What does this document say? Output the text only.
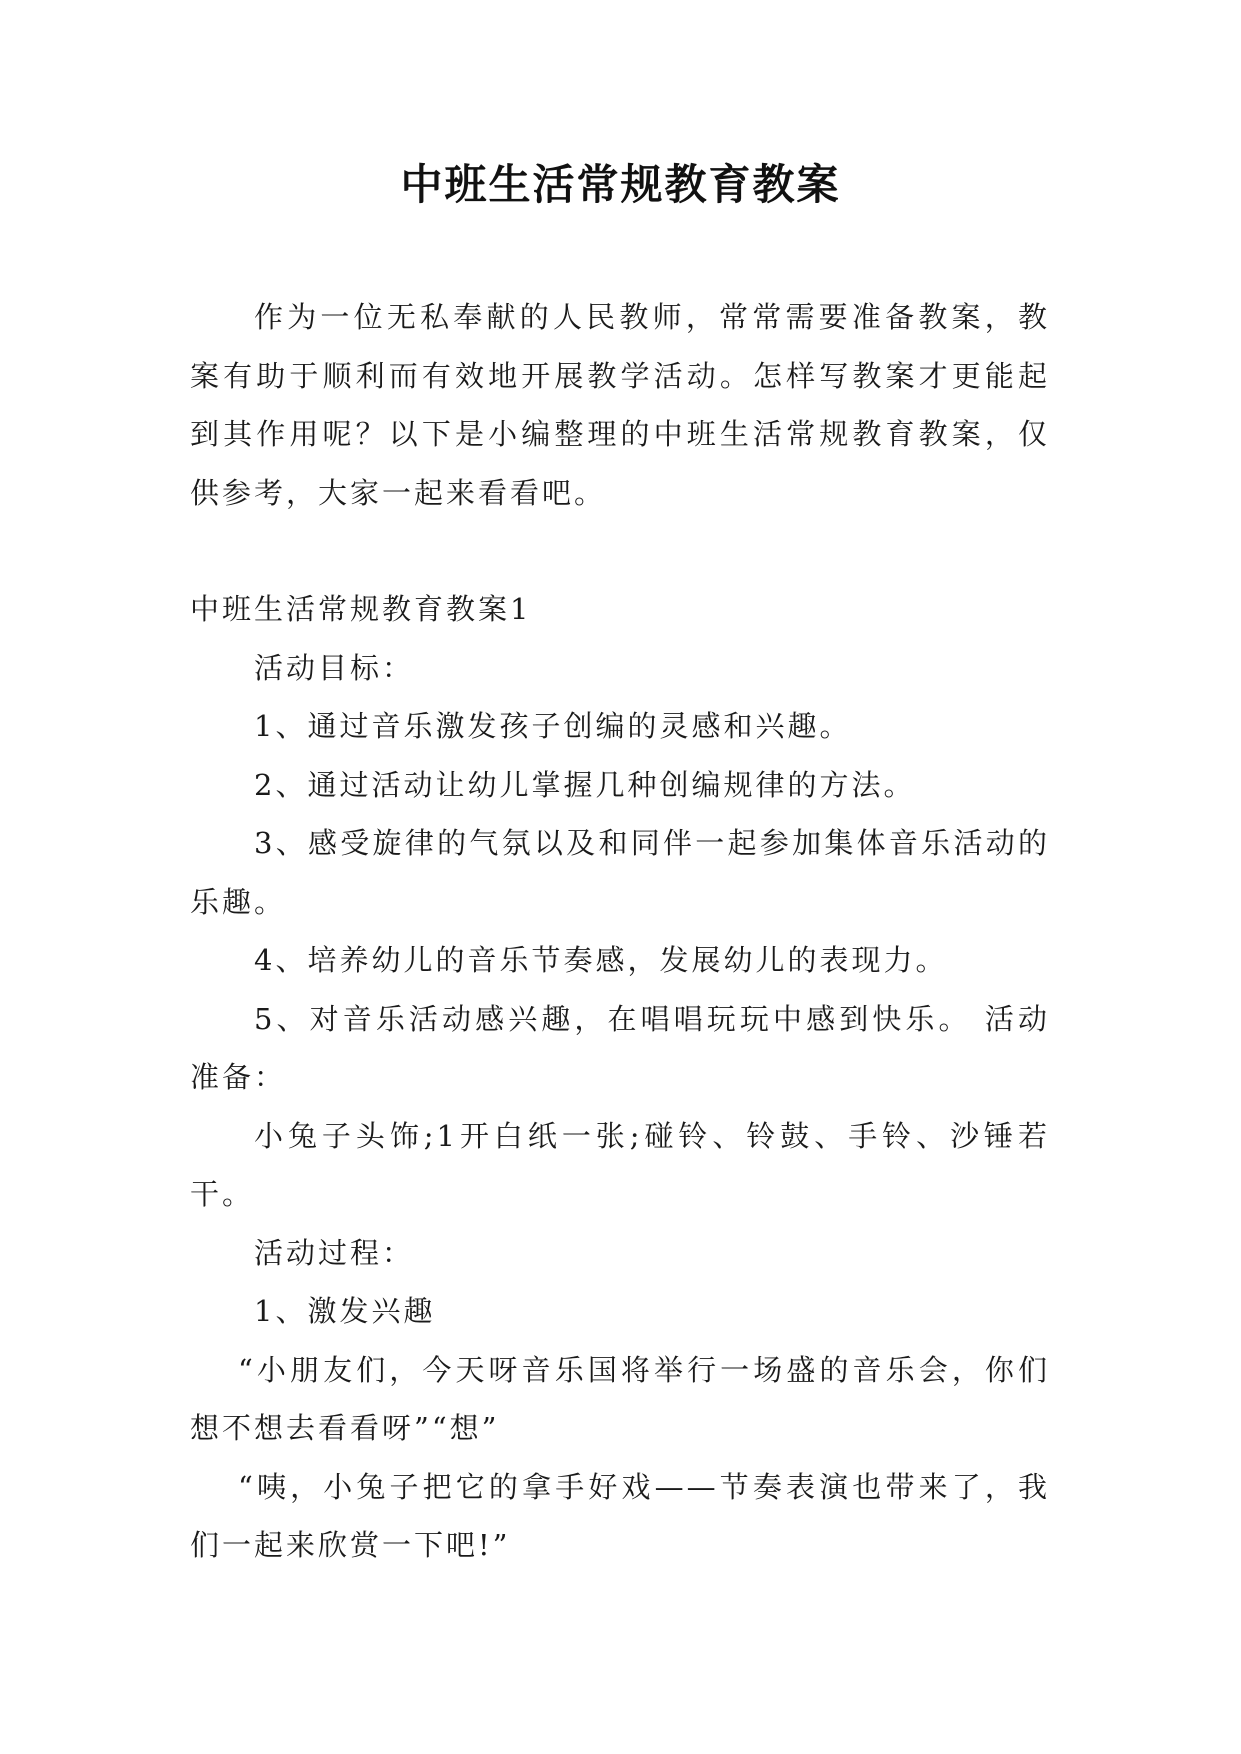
中班生活常规教育教案

作为一位无私奉献的人民教师，常常需要准备教案，教案有助于顺利而有效地开展教学活动。怎样写教案才更能起到其作用呢？以下是小编整理的中班生活常规教育教案，仅供参考，大家一起来看看吧。

中班生活常规教育教案1

活动目标：

1、通过音乐激发孩子创编的灵感和兴趣。

2、通过活动让幼儿掌握几种创编规律的方法。

3、感受旋律的气氛以及和同伴一起参加集体音乐活动的乐趣。

4、培养幼儿的音乐节奏感，发展幼儿的表现力。

5、对音乐活动感兴趣，在唱唱玩玩中感到快乐。 活动准备：

小兔子头饰;1开白纸一张;碰铃、铃鼓、手铃、沙锤若干。

活动过程：

1、激发兴趣

“小朋友们，今天呀音乐国将举行一场盛的音乐会，你们想不想去看看呀”“想”

“咦，小兔子把它的拿手好戏——节奏表演也带来了，我们一起来欣赏一下吧!”
